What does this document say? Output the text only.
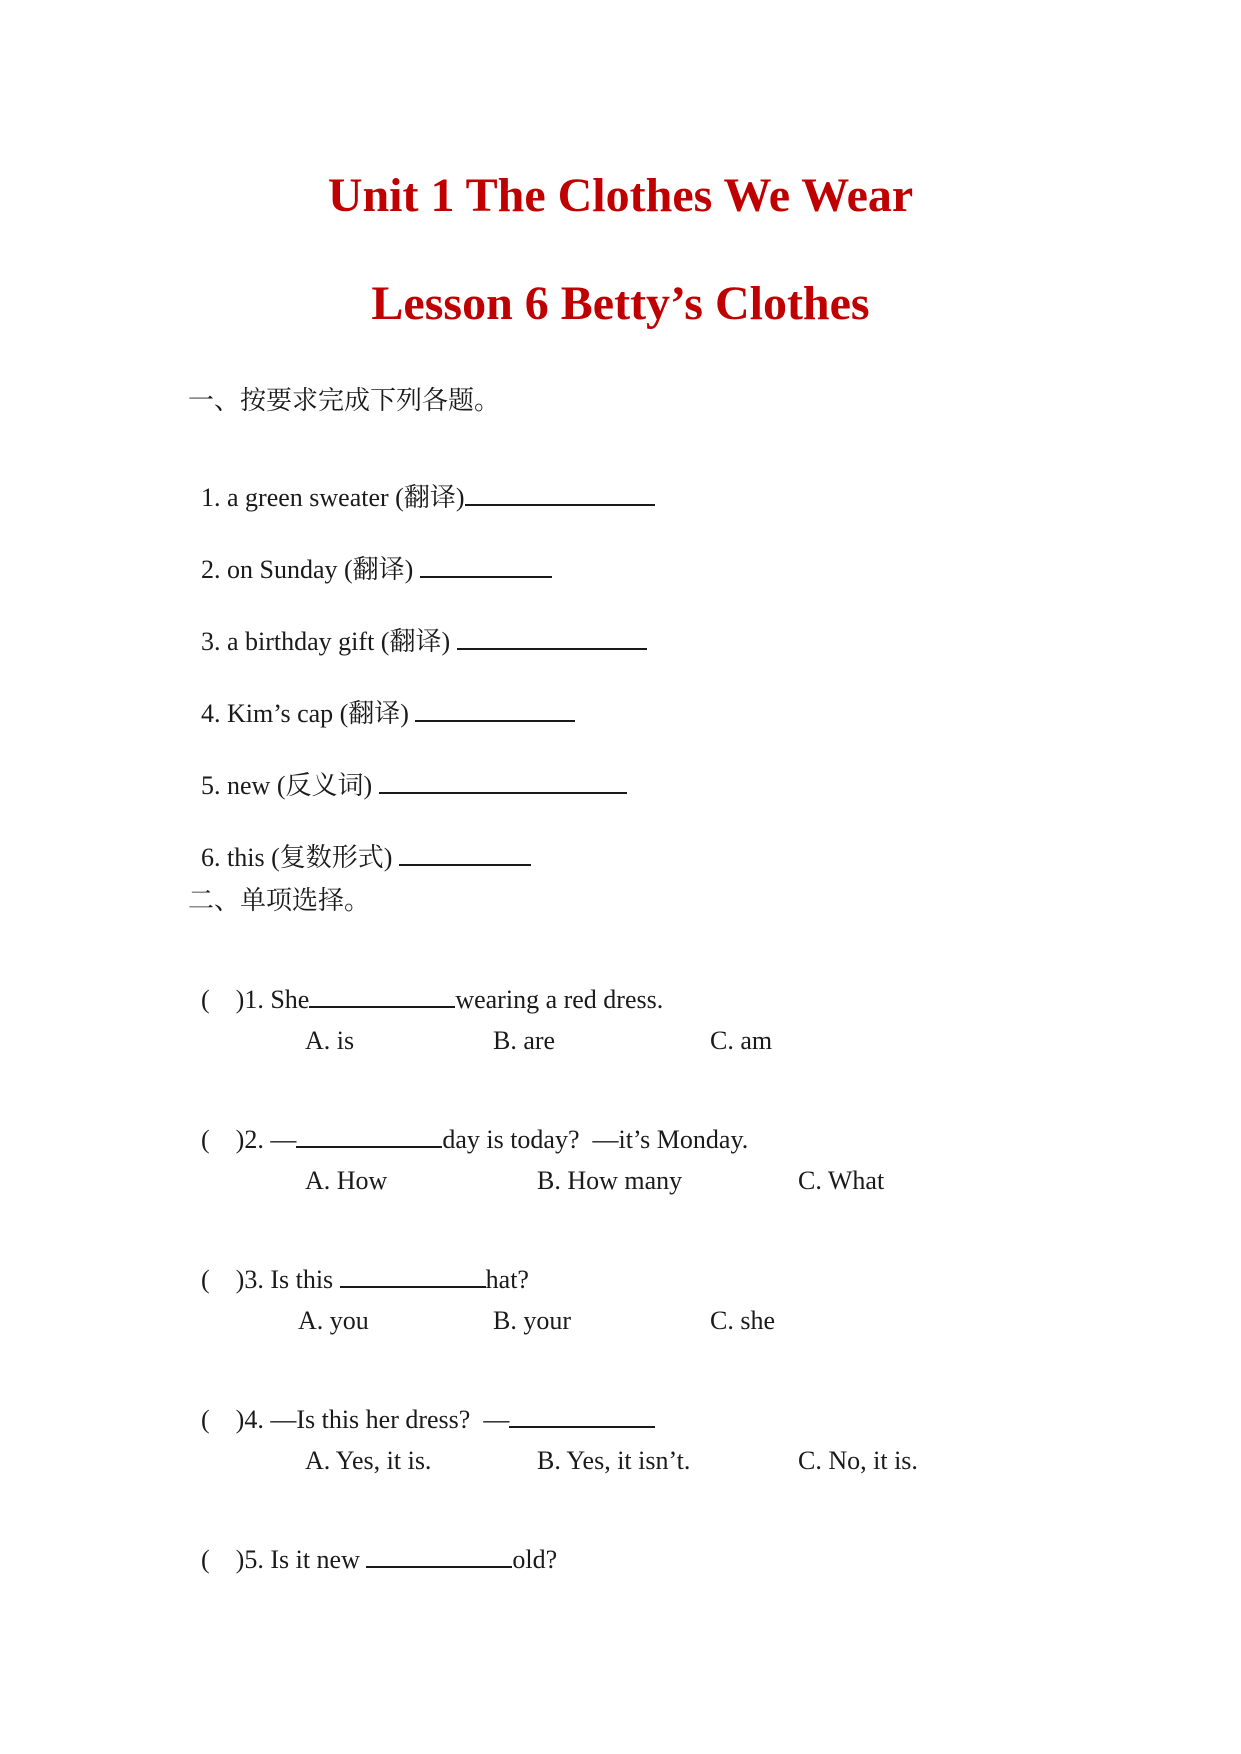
Unit 1 The Clothes We Wear
Lesson 6 Betty’s Clothes
一、按要求完成下列各题。

1. a green sweater (翻译)

2. on Sunday (翻译)

3. a birthday gift (翻译)

4. Kim’s cap (翻译)

5. new (反义词)

6. this (复数形式)

二、单项选择。

(    )1. She	wearing a red dress.

A. is	B. are	C. am

(    )2. —	day is today?  —it’s Monday.

A. How	B. How many	C. What

(    )3. Is this	hat?

A. you	B. your	C. she

(    )4. —Is this her dress?  —

A. Yes, it is.	B. Yes, it isn’t.	C. No, it is.

(    )5. Is it new	old?
